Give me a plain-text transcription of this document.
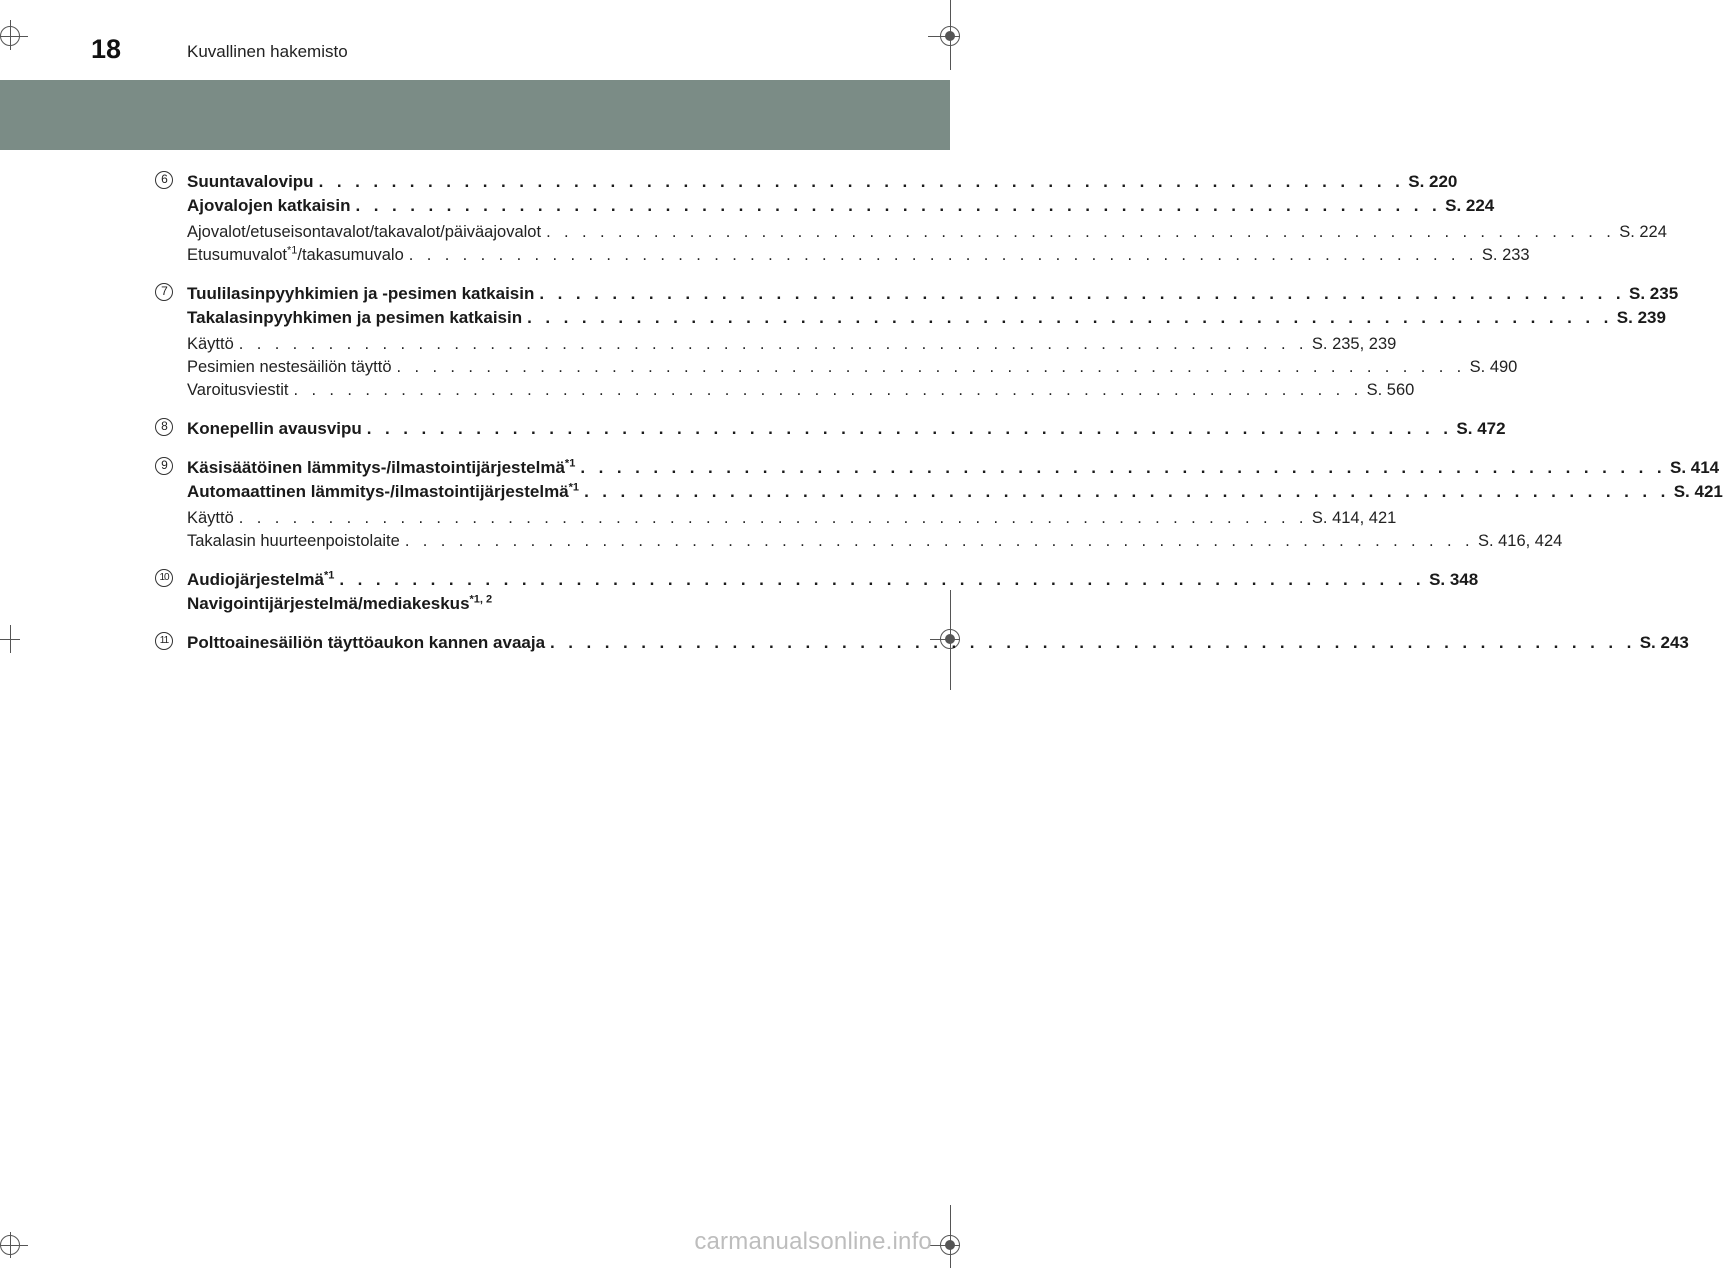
18	Kuvallinen hakemisto
6	Suuntavalovipu . . . . . . . . . . . . . . . . . . . . . . . . . . . . . . . . . . . . . . . . . . . . . . . . . . . . . . . . . . . . S. 220
Ajovalojen katkaisin . . . . . . . . . . . . . . . . . . . . . . . . . . . . . . . . . . . . . . . . . . . . . . . . . . . . . . . . . . . . S. 224
Ajovalot/etuseisontavalot/takavalot/päiväajovalot . . . . . . . . . . . . . . . . . . . . . . . . . . . . . . . . . . . . . . . . . . . . . . . . . . . . . . . . . . . . S. 224
Etusumuvalot$^{*1}$/takasumuvalo . . . . . . . . . . . . . . . . . . . . . . . . . . . . . . . . . . . . . . . . . . . . . . . . . . . . . . . . . . . . S. 233
7	Tuulilasinpyyhkimien ja -pesimen katkaisin . . . . . . . . . . . . . . . . . . . . . . . . . . . . . . . . . . . . . . . . . . . . . . . . . . . . . . . . . . . . S. 235
Takalasinpyyhkimen ja pesimen katkaisin . . . . . . . . . . . . . . . . . . . . . . . . . . . . . . . . . . . . . . . . . . . . . . . . . . . . . . . . . . . . S. 239
Käyttö . . . . . . . . . . . . . . . . . . . . . . . . . . . . . . . . . . . . . . . . . . . . . . . . . . . . . . . . . . . . S. 235, 239
Pesimien nestesäiliön täyttö . . . . . . . . . . . . . . . . . . . . . . . . . . . . . . . . . . . . . . . . . . . . . . . . . . . . . . . . . . . . S. 490
Varoitusviestit . . . . . . . . . . . . . . . . . . . . . . . . . . . . . . . . . . . . . . . . . . . . . . . . . . . . . . . . . . . . S. 560
8	Konepellin avausvipu . . . . . . . . . . . . . . . . . . . . . . . . . . . . . . . . . . . . . . . . . . . . . . . . . . . . . . . . . . . . S. 472
9	Käsisäätöinen lämmitys-/ilmastointijärjestelmä$^{*1}$ . . . . . . . . . . . . . . . . . . . . . . . . . . . . . . . . . . . . . . . . . . . . . . . . . . . . . . . . . . . . S. 414
Automaattinen lämmitys-/ilmastointijärjestelmä$^{*1}$ . . . . . . . . . . . . . . . . . . . . . . . . . . . . . . . . . . . . . . . . . . . . . . . . . . . . . . . . . . . . S. 421
Käyttö . . . . . . . . . . . . . . . . . . . . . . . . . . . . . . . . . . . . . . . . . . . . . . . . . . . . . . . . . . . . S. 414, 421
Takalasin huurteenpoistolaite . . . . . . . . . . . . . . . . . . . . . . . . . . . . . . . . . . . . . . . . . . . . . . . . . . . . . . . . . . . . S. 416, 424
10 Audiojärjestelmä$^{*1}$ . . . . . . . . . . . . . . . . . . . . . . . . . . . . . . . . . . . . . . . . . . . . . . . . . . . . . . . . . . . . S. 348
Navigointijärjestelmä/mediakeskus$^{*1, 2}$
11 Polttoainesäiliön täyttöaukon kannen avaaja . . . . . . . . . . . . . . . . . . . . . . . . . . . . . . . . . . . . . . . . . . . . . . . . . . . . . . . . . . . . S. 243
carmanualsonline.info
